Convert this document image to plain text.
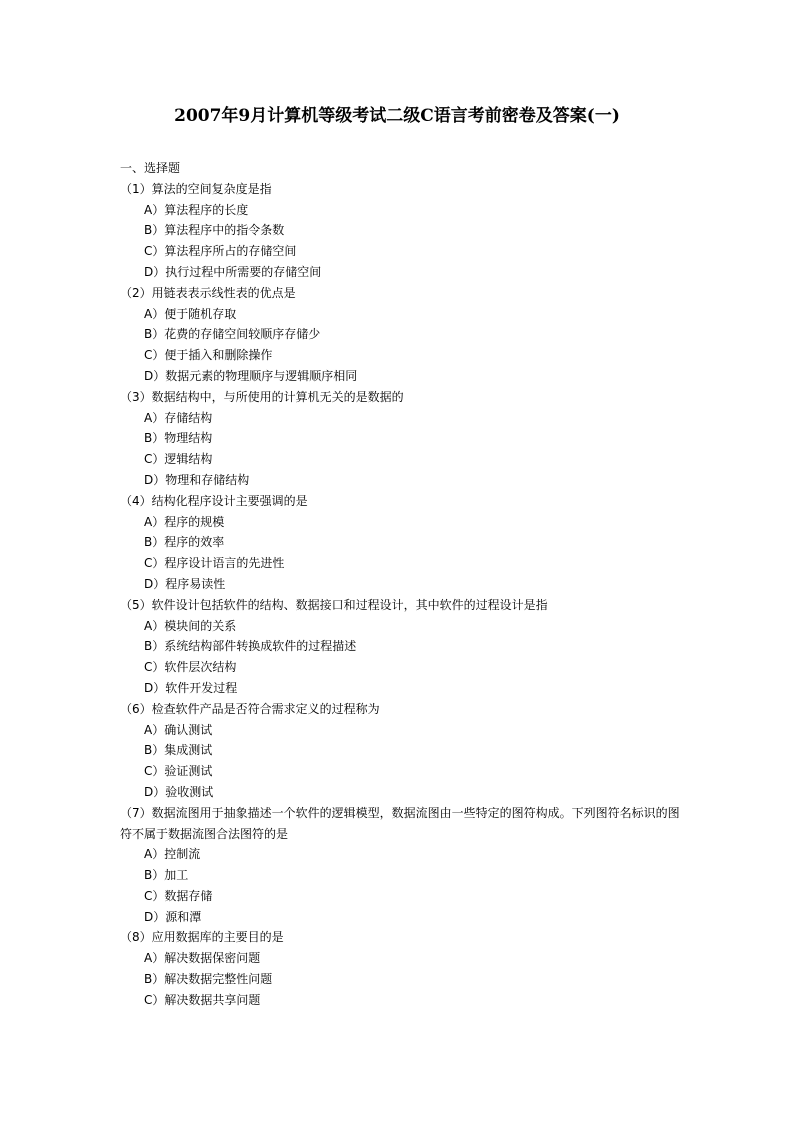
2007年9月计算机等级考试二级C语言考前密卷及答案(一)
一、选择题
（1）算法的空间复杂度是指
A）算法程序的长度
B）算法程序中的指令条数
C）算法程序所占的存储空间
D）执行过程中所需要的存储空间
（2）用链表表示线性表的优点是
A）便于随机存取
B）花费的存储空间较顺序存储少
C）便于插入和删除操作
D）数据元素的物理顺序与逻辑顺序相同
（3）数据结构中，与所使用的计算机无关的是数据的
A）存储结构
B）物理结构
C）逻辑结构
D）物理和存储结构
（4）结构化程序设计主要强调的是
A）程序的规模
B）程序的效率
C）程序设计语言的先进性
D）程序易读性
（5）软件设计包括软件的结构、数据接口和过程设计，其中软件的过程设计是指
A）模块间的关系
B）系统结构部件转换成软件的过程描述
C）软件层次结构
D）软件开发过程
（6）检查软件产品是否符合需求定义的过程称为
A）确认测试
B）集成测试
C）验证测试
D）验收测试
（7）数据流图用于抽象描述一个软件的逻辑模型，数据流图由一些特定的图符构成。下列图符名标识的图符不属于数据流图合法图符的是
A）控制流
B）加工
C）数据存储
D）源和潭
（8）应用数据库的主要目的是
A）解决数据保密问题
B）解决数据完整性问题
C）解决数据共享问题
